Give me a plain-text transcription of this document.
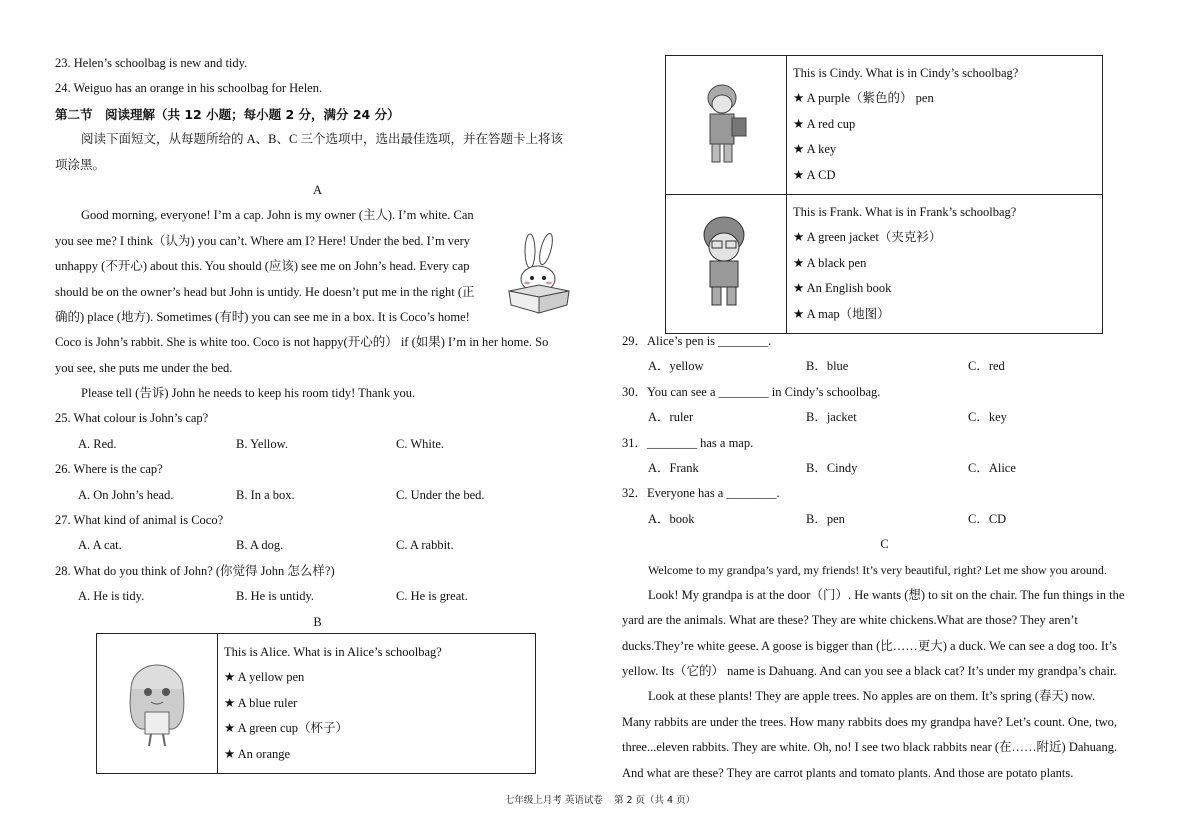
23. Helen’s schoolbag is new and tidy.
24. Weiguo has an orange in his schoolbag for Helen.
第二节　阅读理解（共 12 小题；每小题 2 分，满分 24 分）
阅读下面短文，从每题所给的 A、B、C 三个选项中，选出最佳选项，并在答题卡上将该
项涂黑。
A
Good morning, everyone! I’m a cap. John is my owner (主人). I’m white. Can
you see me? I think（认为) you can’t. Where am I? Here! Under the bed. I’m very
unhappy (不开心) about this. You should (应该) see me on John’s head. Every cap
should be on the owner’s head but John is untidy. He doesn’t put me in the right (正
确的) place (地方). Sometimes (有时) you can see me in a box. It is Coco’s home!
Coco is John’s rabbit. She is white too. Coco is not happy(开心的） if (如果) I’m in her home. So
you see, she puts me under the bed.
Please tell (告诉) John he needs to keep his room tidy! Thank you.
25. What colour is John’s cap?
A. Red.	B. Yellow.	C. White.
26. Where is the cap?
A. On John’s head.	B. In a box.	C. Under the bed.
27. What kind of animal is Coco?
A. A cat.	B. A dog.	C. A rabbit.
28. What do you think of John? (你觉得 John 怎么样?)
A. He is tidy.	B. He is untidy.	C. He is great.
B

This is Alice. What is in Alice’s schoolbag?
★ A yellow pen
★ A blue ruler
★ A green cup（杯子）
★ An orange

This is Cindy. What is in Cindy’s schoolbag?
★ A purple（紫色的） pen
★ A red cup
★ A key
★ A CD

This is Frank. What is in Frank’s schoolbag?
★ A green jacket（夹克衫）
★ A black pen
★ An English book
★ A map（地图）
29．Alice’s pen is ________.
A．yellow	B．blue	C．red
30．You can see a ________ in Cindy’s schoolbag.
A．ruler	B．jacket	C．key
31．________ has a map.
A．Frank	B．Cindy	C．Alice
32．Everyone has a ________.
A．book	B．pen	C．CD
C
Welcome to my grandpa’s yard, my friends! It’s very beautiful, right? Let me show you around.
Look! My grandpa is at the door（门）. He wants (想) to sit on the chair. The fun things in the
yard are the animals. What are these? They are white chickens.What are those? They aren’t
ducks.They’re white geese. A goose is bigger than (比……更大) a duck. We can see a dog too. It’s
yellow. Its（它的） name is Dahuang. And can you see a black cat? It’s under my grandpa’s chair.
Look at these plants! They are apple trees. No apples are on them. It’s spring (春天) now.
Many rabbits are under the trees. How many rabbits does my grandpa have? Let’s count. One, two,
three...eleven rabbits. They are white. Oh, no! I see two black rabbits near (在……附近) Dahuang.
And what are these? They are carrot plants and tomato plants. And those are potato plants.
七年级上月考 英语试卷 第 2 页（共 4 页）
